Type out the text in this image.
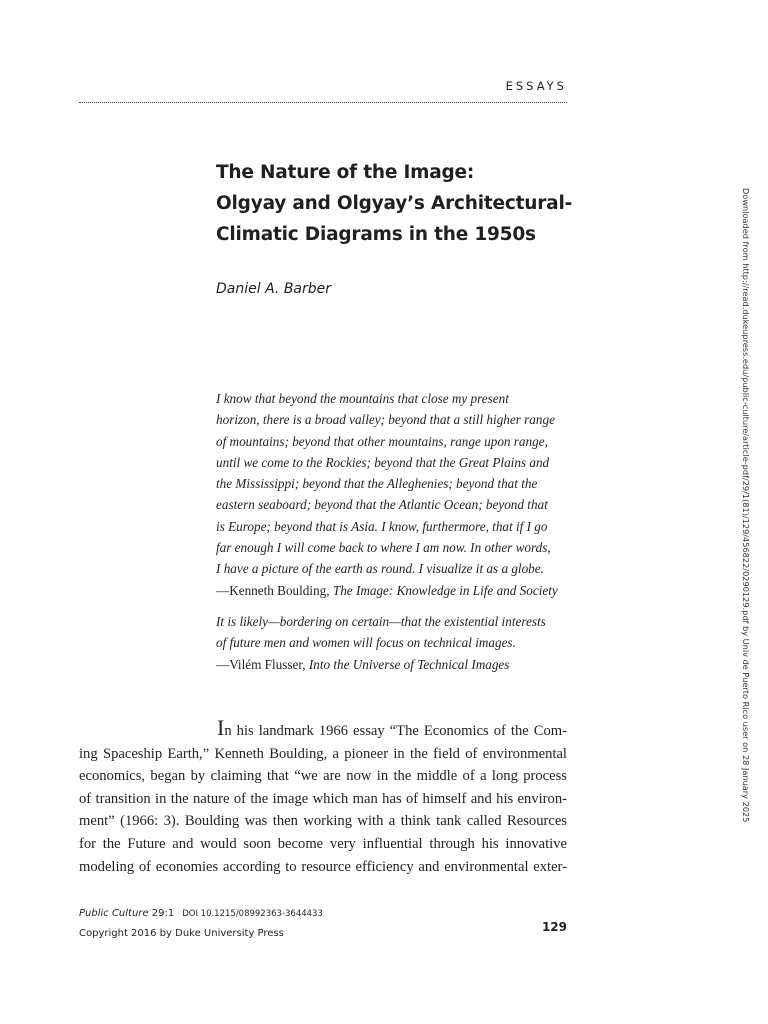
ESSAYS
The Nature of the Image:
Olgyay and Olgyay’s Architectural-
Climatic Diagrams in the 1950s
Daniel A. Barber
I know that beyond the mountains that close my present
horizon, there is a broad valley; beyond that a still higher range
of mountains; beyond that other mountains, range upon range,
until we come to the Rockies; beyond that the Great Plains and
the Mississippi; beyond that the Alleghenies; beyond that the
eastern seaboard; beyond that the Atlantic Ocean; beyond that
is Europe; beyond that is Asia. I know, furthermore, that if I go
far enough I will come back to where I am now. In other words,
I have a picture of the earth as round. I visualize it as a globe.
—Kenneth Boulding, The Image: Knowledge in Life and Society
It is likely—bordering on certain—that the existential interests
of future men and women will focus on technical images.
—Vilém Flusser, Into the Universe of Technical Images
In his landmark 1966 essay “The Economics of the Com-
ing Spaceship Earth,” Kenneth Boulding, a pioneer in the field of environmental
economics, began by claiming that “we are now in the middle of a long process
of transition in the nature of the image which man has of himself and his environ-
ment” (1966: 3). Boulding was then working with a think tank called Resources
for the Future and would soon become very influential through his innovative
modeling of economies according to resource efficiency and environmental exter-
Public Culture 29:1 DOI 10.1215/08992363-3644433
Copyright 2016 by Duke University Press	129
Downloaded from http://read.dukeupress.edu/public-culture/article-pdf/29/1(81)/129/456822/0290129.pdf by Univ de Puerto Rico user on 28 January 2025
